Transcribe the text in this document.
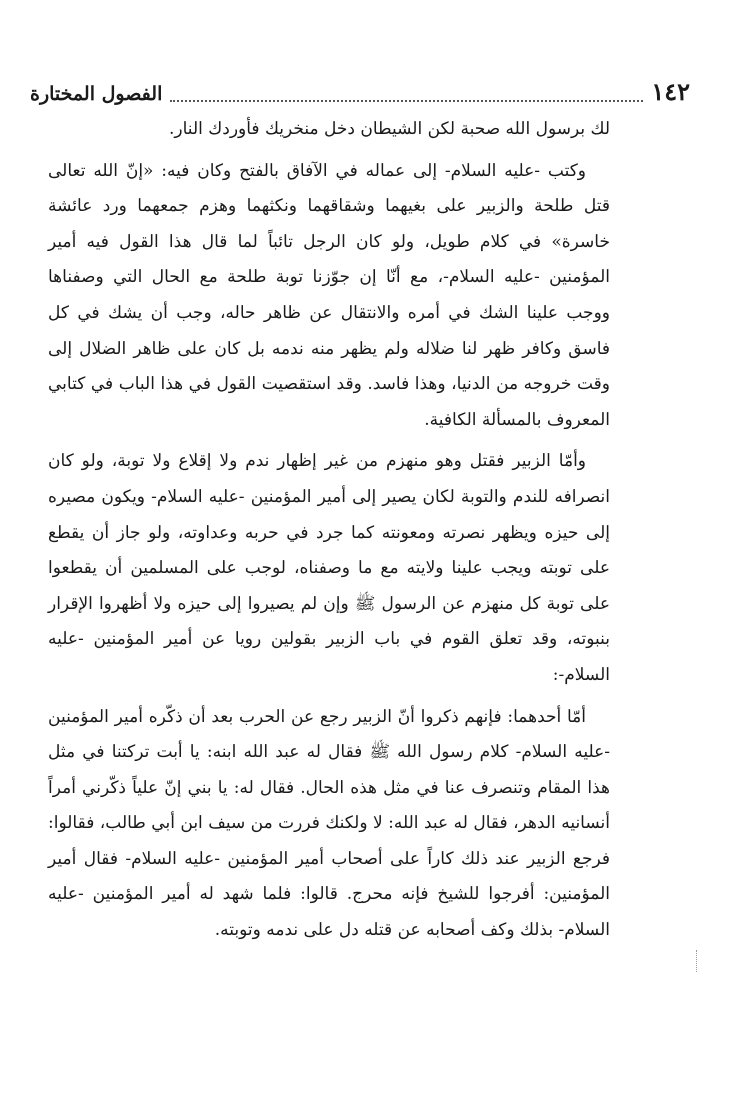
١٤٢
الفصول المختارة

لك برسول الله صحبة لكن الشيطان دخل منخريك فأوردك النار.

وكتب -عليه السلام- إلى عماله في الآفاق بالفتح وكان فيه: «إنّ الله تعالى قتل طلحة والزبير على بغيهما وشقاقهما ونكثهما وهزم جمعهما ورد عائشة خاسرة» في كلام طويل، ولو كان الرجل تائباً لما قال هذا القول فيه أمير المؤمنين -عليه السلام-، مع أنّا إن جوّزنا توبة طلحة مع الحال التي وصفناها ووجب علينا الشك في أمره والانتقال عن ظاهر حاله، وجب أن يشك في كل فاسق وكافر ظهر لنا ضلاله ولم يظهر منه ندمه بل كان على ظاهر الضلال إلى وقت خروجه من الدنيا، وهذا فاسد. وقد استقصيت القول في هذا الباب في كتابي المعروف بالمسألة الكافية.

وأمّا الزبير فقتل وهو منهزم من غير إظهار ندم ولا إقلاع ولا توبة، ولو كان انصرافه للندم والتوبة لكان يصير إلى أمير المؤمنين -عليه السلام- ويكون مصيره إلى حيزه ويظهر نصرته ومعونته كما جرد في حربه وعداوته، ولو جاز أن يقطع على توبته ويجب علينا ولايته مع ما وصفناه، لوجب على المسلمين أن يقطعوا على توبة كل منهزم عن الرسول ﷺ وإن لم يصيروا إلى حيزه ولا أظهروا الإقرار بنبوته، وقد تعلق القوم في باب الزبير بقولين رويا عن أمير المؤمنين -عليه السلام-:

أمّا أحدهما: فإنهم ذكروا أنّ الزبير رجع عن الحرب بعد أن ذكّره أمير المؤمنين -عليه السلام- كلام رسول الله ﷺ فقال له عبد الله ابنه: يا أبت تركتنا في مثل هذا المقام وتنصرف عنا في مثل هذه الحال. فقال له: يا بني إنّ علياً ذكّرني أمراً أنسانيه الدهر، فقال له عبد الله: لا ولكنك فررت من سيف ابن أبي طالب، فقالوا: فرجع الزبير عند ذلك كاراً على أصحاب أمير المؤمنين -عليه السلام- فقال أمير المؤمنين: أفرجوا للشيخ فإنه محرج. قالوا: فلما شهد له أمير المؤمنين -عليه السلام- بذلك وكف أصحابه عن قتله دل على ندمه وتوبته.
